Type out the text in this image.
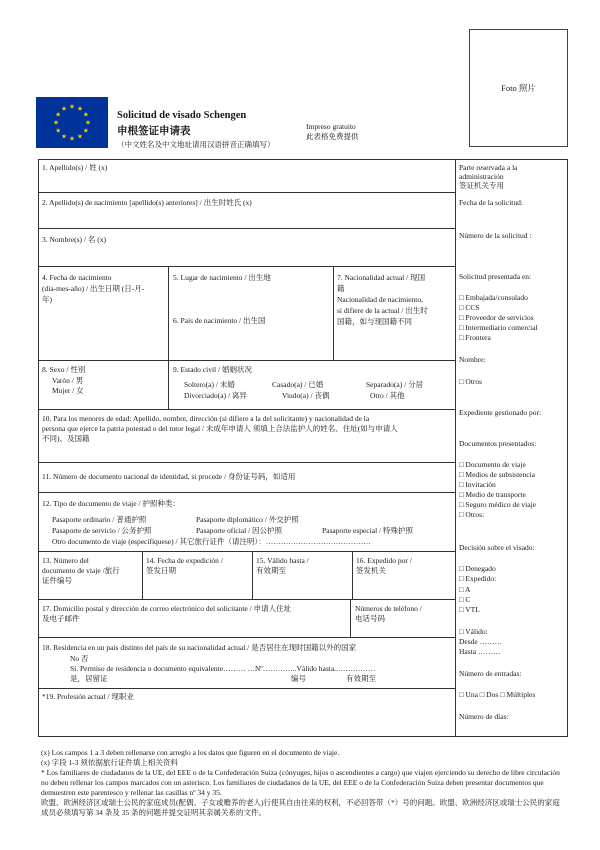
Foto 照片
Solicitud de visado Schengen
申根签证申请表
（中文姓名及中文地址请用汉语拼音正确填写）
Impreso gratuito
此表格免费提供
1. Apellido(s) / 姓 (x)
2. Apellido(s) de nacimiento [apellido(s) anteriores] / 出生时姓氏 (x)
3. Nombre(s) / 名 (x)
4. Fecha de nacimiento
(día-mes-año) / 出生日期 (日-月-
年)
5. Lugar de nacimiento / 出生地
6. País de nacimiento / 出生国
7. Nacionalidad actual / 现国
籍
Nacionalidad de nacimiento,
si difiere de la actual / 出生时
国籍，如与现国籍不同
8. Sexo / 性别
Varón / 男
Mujer / 女
9. Estado civil / 婚姻状况
Soltero(a) / 未婚	Casado(a) / 已婚	Separado(a) / 分居
Divorciado(a) / 离异	Viudo(a) / 丧偶	Otro / 其他
10. Para los menores de edad: Apellido, nombre, dirección (si difiere a la del solicitante) y nacionalidad de la
persona que ejerce la patria potestad o del tutor legal / 未成年申请人 须填上合法监护人的姓名、住址(如与申请人
不同)、及国籍
11. Número de documento nacional de identidad, si procede / 身份证号码，如适用
12. Tipo de documento de viaje / 护照种类：
Pasaporte ordinario / 普通护照	Pasaporte diplomático / 外交护照
Pasaporte de servicio / 公务护照	Pasaporte oficial / 因公护照	Pasaporte especial / 特殊护照
Otro documento de viaje (especifíquese) / 其它旅行证件（请注明）：……………………………………
13. Número del
documento de viaje /旅行
证件编号
14. Fecha de expedición /
签发日期
15. Válido hasta /
有效期至
16. Expedido por /
签发机关
17. Domicilio postal y dirección de correo electrónico del solicitante / 申请人住址
及电子邮件
Números de teléfono /
电话号码
18. Residencia en un país distinto del país de su nacionalidad actual / 是否居住在现时国籍以外的国家
No 否
Sí. Permiso de residencia o documento equivalente……… …Nº…………..Válido hasta..……………
是，居留证	编号	有效期至
*19. Profesión actual / 现职业
Parte reservada a la
administración
签证机关专用
Fecha de la solicitud:
Número de la solicitud :
Solicitud presentada en:
□ Embajada/consulado
□ CCS
□ Proveedor de servicios
□ Intermediario comercial
□ Frontera
Nombre:
□ Otros
Expediente gestionado por:
Documentos presentados:
□ Documento de viaje
□ Medios de subsistencia
□ Invitación
□ Medio de transporte
□ Seguro médico de viaje
□ Otros:
Decisión sobre el visado:
□ Denegado
□ Expedido:
□ A
□ C
□ VTL
□ Válido:
Desde ………
Hasta ………
Número de entradas:
□ Una □ Dos □ Múltiples
Número de días:
(x) Los campos 1 a 3 deben rellenarse con arreglo a los datos que figuren en el documento de viaje.
(x) 字段 1-3 须依据旅行证件填上相关资料
* Los familiares de ciudadanos de la UE, del EEE o de la Confederación Suiza (cónyuges, hijos o ascendientes a cargo) que viajen ejerciendo su derecho de libre circulación no deben rellenar los campos marcados con un asterisco. Los familiares de ciudadanos de la UE, del EEE o de la Confederación Suiza deben presentar documentos que demuestren este parentesco y rellenar las casillas nº 34 y 35.
欧盟、欧洲经济区或瑞士公民的家庭成员(配偶、子女或赡养的老人)行使其自由往来的权利，不必回答带（*）号的问题。欧盟、欧洲经济区或瑞士公民的家庭成员必须填写第 34 条及 35 条的问题并提交证明其亲属关系的文件。
